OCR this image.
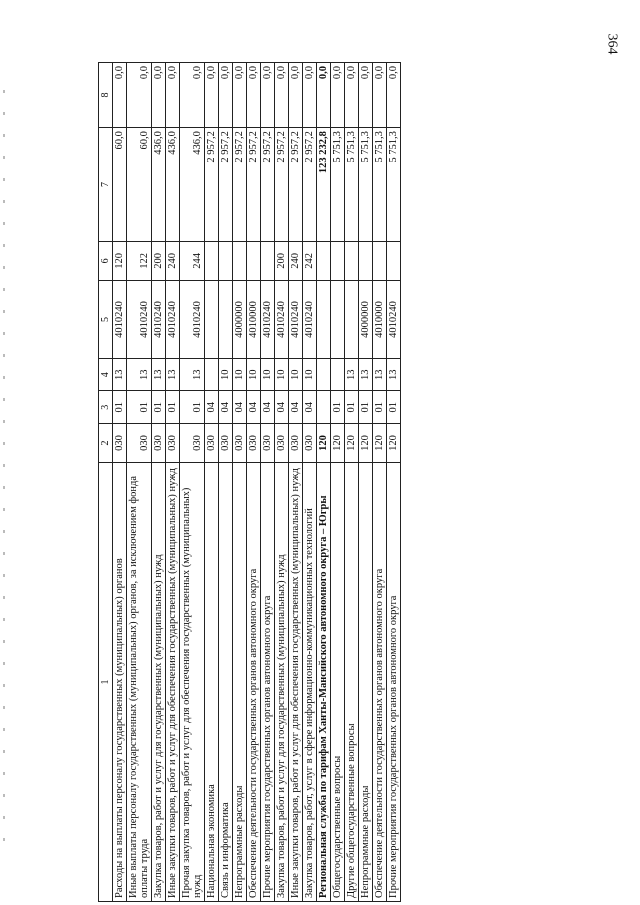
364
1	2	3	4	5	6	7	8
Расходы на выплаты персоналу государственных (муниципальных) органов	030	01	13	4010240	120	60,0	0,0
Иные выплаты персоналу государственных (муниципальных) органов, за исключением фонда оплаты труда	030	01	13	4010240	122	60,0	0,0
Закупка товаров, работ и услуг для государственных (муниципальных) нужд	030	01	13	4010240	200	436,0	0,0
Иные закупки товаров, работ и услуг для обеспечения государственных (муниципальных) нужд	030	01	13	4010240	240	436,0	0,0
Прочая закупка товаров, работ и услуг для обеспечения государственных (муниципальных) нужд	030	01	13	4010240	244	436,0	0,0
Национальная экономика	030	04				2 957,2	0,0
Связь и информатика	030	04	10			2 957,2	0,0
Непрограммные расходы	030	04	10	4000000		2 957,2	0,0
Обеспечение деятельности государственных органов автономного округа	030	04	10	4010000		2 957,2	0,0
Прочие мероприятия государственных органов автономного округа	030	04	10	4010240		2 957,2	0,0
Закупка товаров, работ и услуг для государственных (муниципальных) нужд	030	04	10	4010240	200	2 957,2	0,0
Иные закупки товаров, работ и услуг для обеспечения государственных (муниципальных) нужд	030	04	10	4010240	240	2 957,2	0,0
Закупка товаров, работ, услуг в сфере информационно-коммуникационных технологий	030	04	10	4010240	242	2 957,2	0,0
Региональная служба по тарифам Ханты-Мансийского автономного округа – Югры	120					123 232,8	0,0
Общегосударственные вопросы	120	01				5 751,3	0,0
Другие общегосударственные вопросы	120	01	13			5 751,3	0,0
Непрограммные расходы	120	01	13	4000000		5 751,3	0,0
Обеспечение деятельности государственных органов автономного округа	120	01	13	4010000		5 751,3	0,0
Прочие мероприятия государственных органов автономного округа	120	01	13	4010240		5 751,3	0,0
